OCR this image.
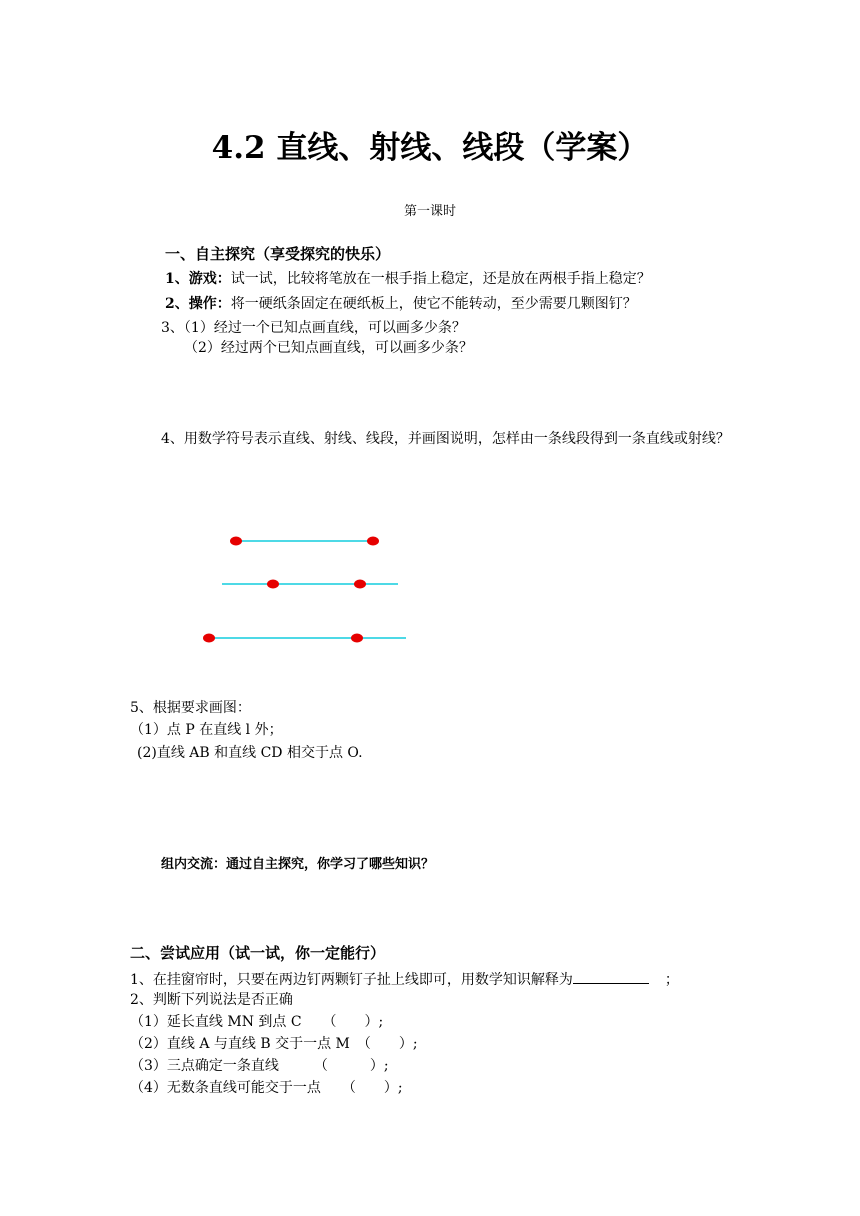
4.2 直线、射线、线段（学案）
第一课时
一、自主探究（享受探究的快乐）
1、游戏：试一试，比较将笔放在一根手指上稳定，还是放在两根手指上稳定？
2、操作：将一硬纸条固定在硬纸板上，使它不能转动，至少需要几颗图钉？
3、（1）经过一个已知点画直线，可以画多少条？
（2）经过两个已知点画直线，可以画多少条？
4、用数学符号表示直线、射线、线段，并画图说明，怎样由一条线段得到一条直线或射线？
5、根据要求画图：
（1）点 P 在直线 l 外；
(2)直线 AB 和直线 CD 相交于点 O.
组内交流：通过自主探究，你学习了哪些知识？
二、尝试应用（试一试，你一定能行）
1、在挂窗帘时，只要在两边钉两颗钉子扯上线即可，用数学知识解释为	；
2、判断下列说法是否正确
（1）延长直线 MN 到点 C　　（　　）;
（2）直线 A 与直线 B 交于一点 M　（　　）;
（3）三点确定一条直线　　　（　　　）;
（4）无数条直线可能交于一点　　（　　）;
